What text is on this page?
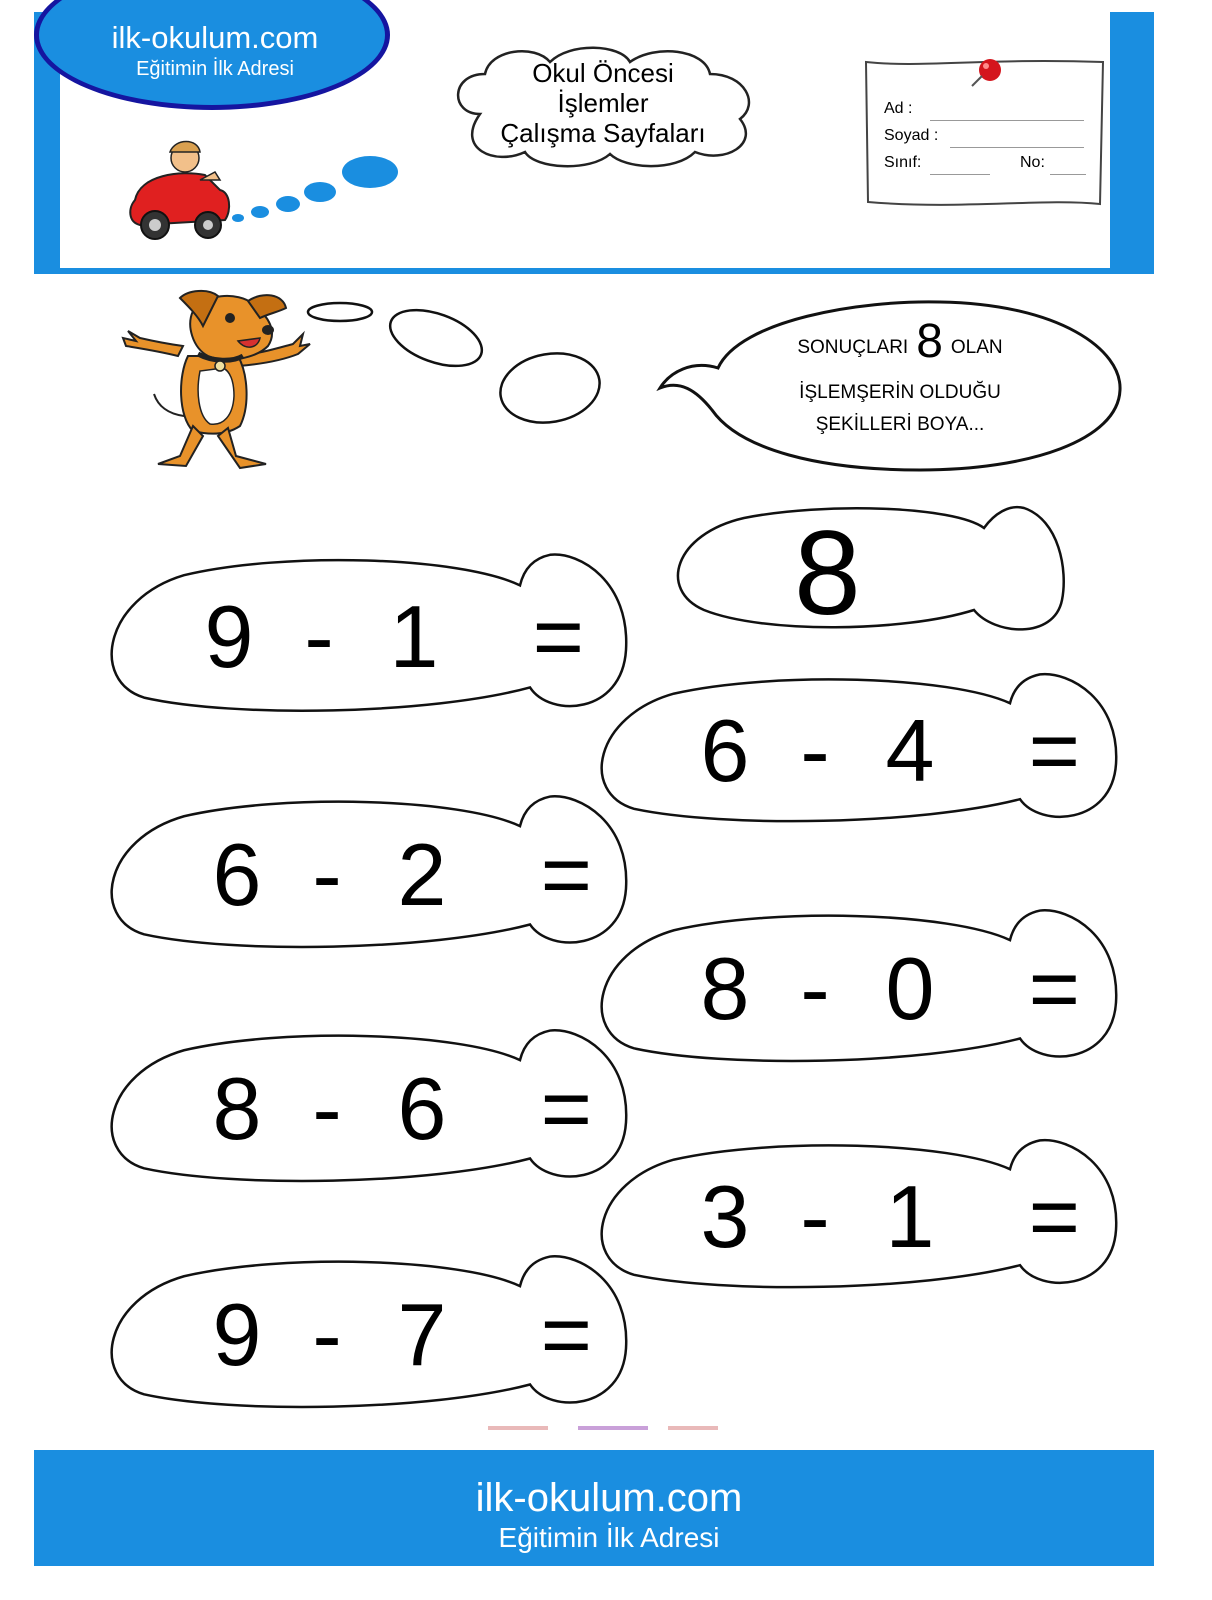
ilk-okulum.com
Eğitimin İlk Adresi	Okul Öncesi
İşlemler
Çalışma Sayfaları
Ad :
Soyad :
Sınıf:	No:
SONUÇLARI 8 OLAN
İŞLEMŞERİN OLDUĞU
ŞEKİLLERİ BOYA...
8
9 - 1	=
6 - 4	=
6 - 2	=
8 - 0	=
8 - 6	=
3 - 1	=
9 - 7	=
ilk-okulum.com
Eğitimin İlk Adresi
